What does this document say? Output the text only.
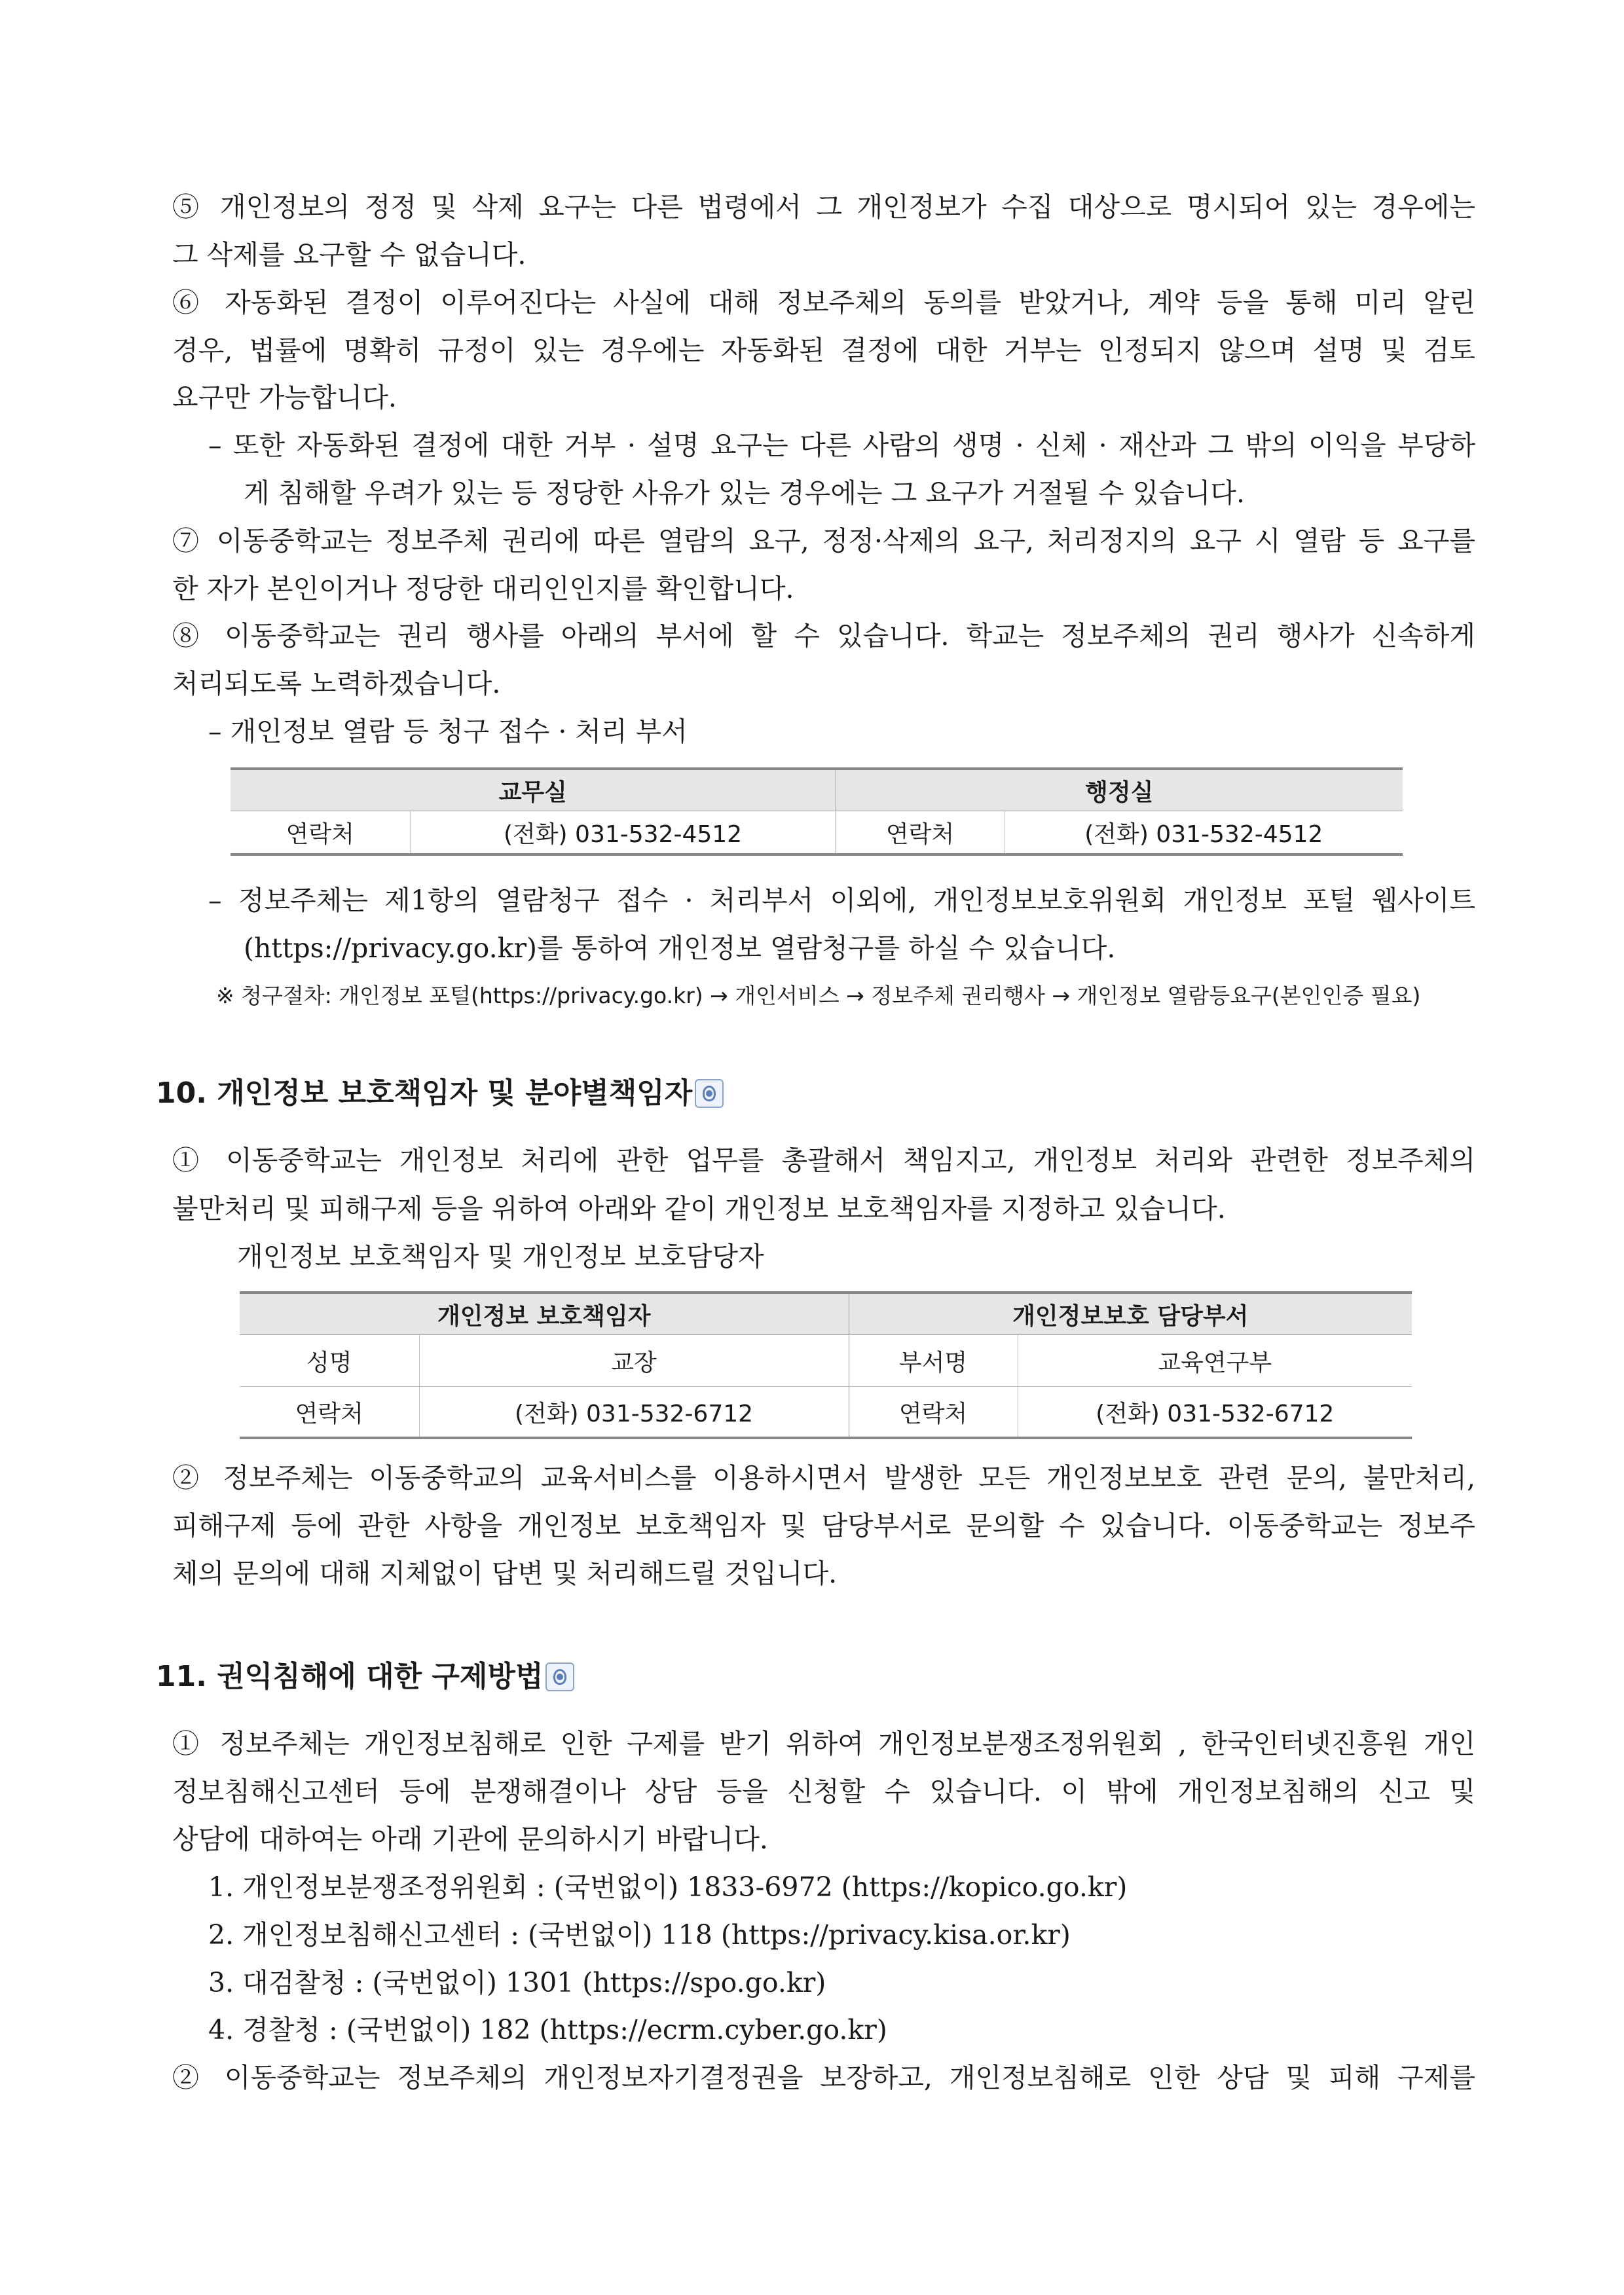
⑤ 개인정보의 정정 및 삭제 요구는 다른 법령에서 그 개인정보가 수집 대상으로 명시되어 있는 경우에는
그 삭제를 요구할 수 없습니다.
⑥ 자동화된 결정이 이루어진다는 사실에 대해 정보주체의 동의를 받았거나, 계약 등을 통해 미리 알린
경우, 법률에 명확히 규정이 있는 경우에는 자동화된 결정에 대한 거부는 인정되지 않으며 설명 및 검토
요구만 가능합니다.
– 또한 자동화된 결정에 대한 거부 · 설명 요구는 다른 사람의 생명 · 신체 · 재산과 그 밖의 이익을 부당하
게 침해할 우려가 있는 등 정당한 사유가 있는 경우에는 그 요구가 거절될 수 있습니다.
⑦ 이동중학교는 정보주체 권리에 따른 열람의 요구, 정정·삭제의 요구, 처리정지의 요구 시 열람 등 요구를
한 자가 본인이거나 정당한 대리인인지를 확인합니다.
⑧ 이동중학교는 권리 행사를 아래의 부서에 할 수 있습니다. 학교는 정보주체의 권리 행사가 신속하게
처리되도록 노력하겠습니다.
– 개인정보 열람 등 청구 접수 · 처리 부서
교무실		행정실	
연락처	(전화) 031-532-4512	연락처	(전화) 031-532-4512
– 정보주체는 제1항의 열람청구 접수 · 처리부서 이외에, 개인정보보호위원회 개인정보 포털 웹사이트
(https://privacy.go.kr)를 통하여 개인정보 열람청구를 하실 수 있습니다.
※ 청구절차: 개인정보 포털(https://privacy.go.kr) → 개인서비스 → 정보주체 권리행사 → 개인정보 열람등요구(본인인증 필요)
10. 개인정보 보호책임자 및 분야별책임자
① 이동중학교는 개인정보 처리에 관한 업무를 총괄해서 책임지고, 개인정보 처리와 관련한 정보주체의
불만처리 및 피해구제 등을 위하여 아래와 같이 개인정보 보호책임자를 지정하고 있습니다.
개인정보 보호책임자 및 개인정보 보호담당자
개인정보 보호책임자		개인정보보호 담당부서	
성명	교장	부서명	교육연구부
연락처	(전화) 031-532-6712	연락처	(전화) 031-532-6712
② 정보주체는 이동중학교의 교육서비스를 이용하시면서 발생한 모든 개인정보보호 관련 문의, 불만처리,
피해구제 등에 관한 사항을 개인정보 보호책임자 및 담당부서로 문의할 수 있습니다. 이동중학교는 정보주
체의 문의에 대해 지체없이 답변 및 처리해드릴 것입니다.
11. 권익침해에 대한 구제방법
① 정보주체는 개인정보침해로 인한 구제를 받기 위하여 개인정보분쟁조정위원회 , 한국인터넷진흥원 개인
정보침해신고센터 등에 분쟁해결이나 상담 등을 신청할 수 있습니다. 이 밖에 개인정보침해의 신고 및
상담에 대하여는 아래 기관에 문의하시기 바랍니다.
1. 개인정보분쟁조정위원회 : (국번없이) 1833-6972 (https://kopico.go.kr)
2. 개인정보침해신고센터 : (국번없이) 118 (https://privacy.kisa.or.kr)
3. 대검찰청 : (국번없이) 1301 (https://spo.go.kr)
4. 경찰청 : (국번없이) 182 (https://ecrm.cyber.go.kr)
② 이동중학교는 정보주체의 개인정보자기결정권을 보장하고, 개인정보침해로 인한 상담 및 피해 구제를
